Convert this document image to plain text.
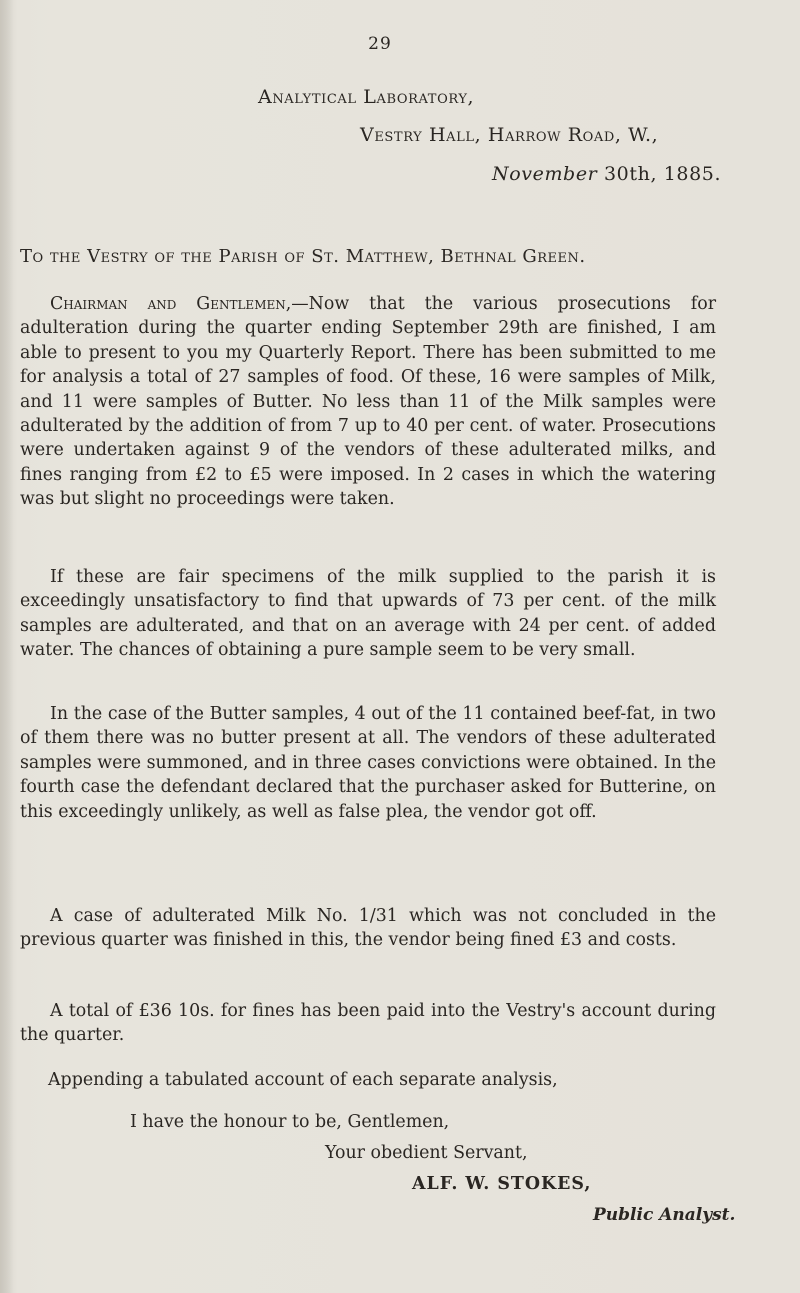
29
Analytical Laboratory,
Vestry Hall, Harrow Road, W.,
November 30th, 1885.
To the Vestry of the Parish of St. Matthew, Bethnal Green.

Chairman and Gentlemen,—Now that the various prosecutions for adulteration during the quarter ending September 29th are finished, I am able to present to you my Quarterly Report. There has been submitted to me for analysis a total of 27 samples of food. Of these, 16 were samples of Milk, and 11 were samples of Butter. No less than 11 of the Milk samples were adulterated by the addition of from 7 up to 40 per cent. of water. Prosecutions were undertaken against 9 of the vendors of these adulterated milks, and fines ranging from £2 to £5 were imposed. In 2 cases in which the watering was but slight no proceedings were taken.

If these are fair specimens of the milk supplied to the parish it is exceedingly unsatisfactory to find that upwards of 73 per cent. of the milk samples are adulterated, and that on an average with 24 per cent. of added water. The chances of obtaining a pure sample seem to be very small.

In the case of the Butter samples, 4 out of the 11 contained beef-fat, in two of them there was no butter present at all. The vendors of these adulterated samples were summoned, and in three cases convictions were obtained. In the fourth case the defendant declared that the purchaser asked for Butterine, on this exceedingly unlikely, as well as false plea, the vendor got off.

A case of adulterated Milk No. 1/31 which was not concluded in the previous quarter was finished in this, the vendor being fined £3 and costs.

A total of £36 10s. for fines has been paid into the Vestry's account during the quarter.

Appending a tabulated account of each separate analysis,

I have the honour to be, Gentlemen,

Your obedient Servant,

ALF. W. STOKES,

Public Analyst.
